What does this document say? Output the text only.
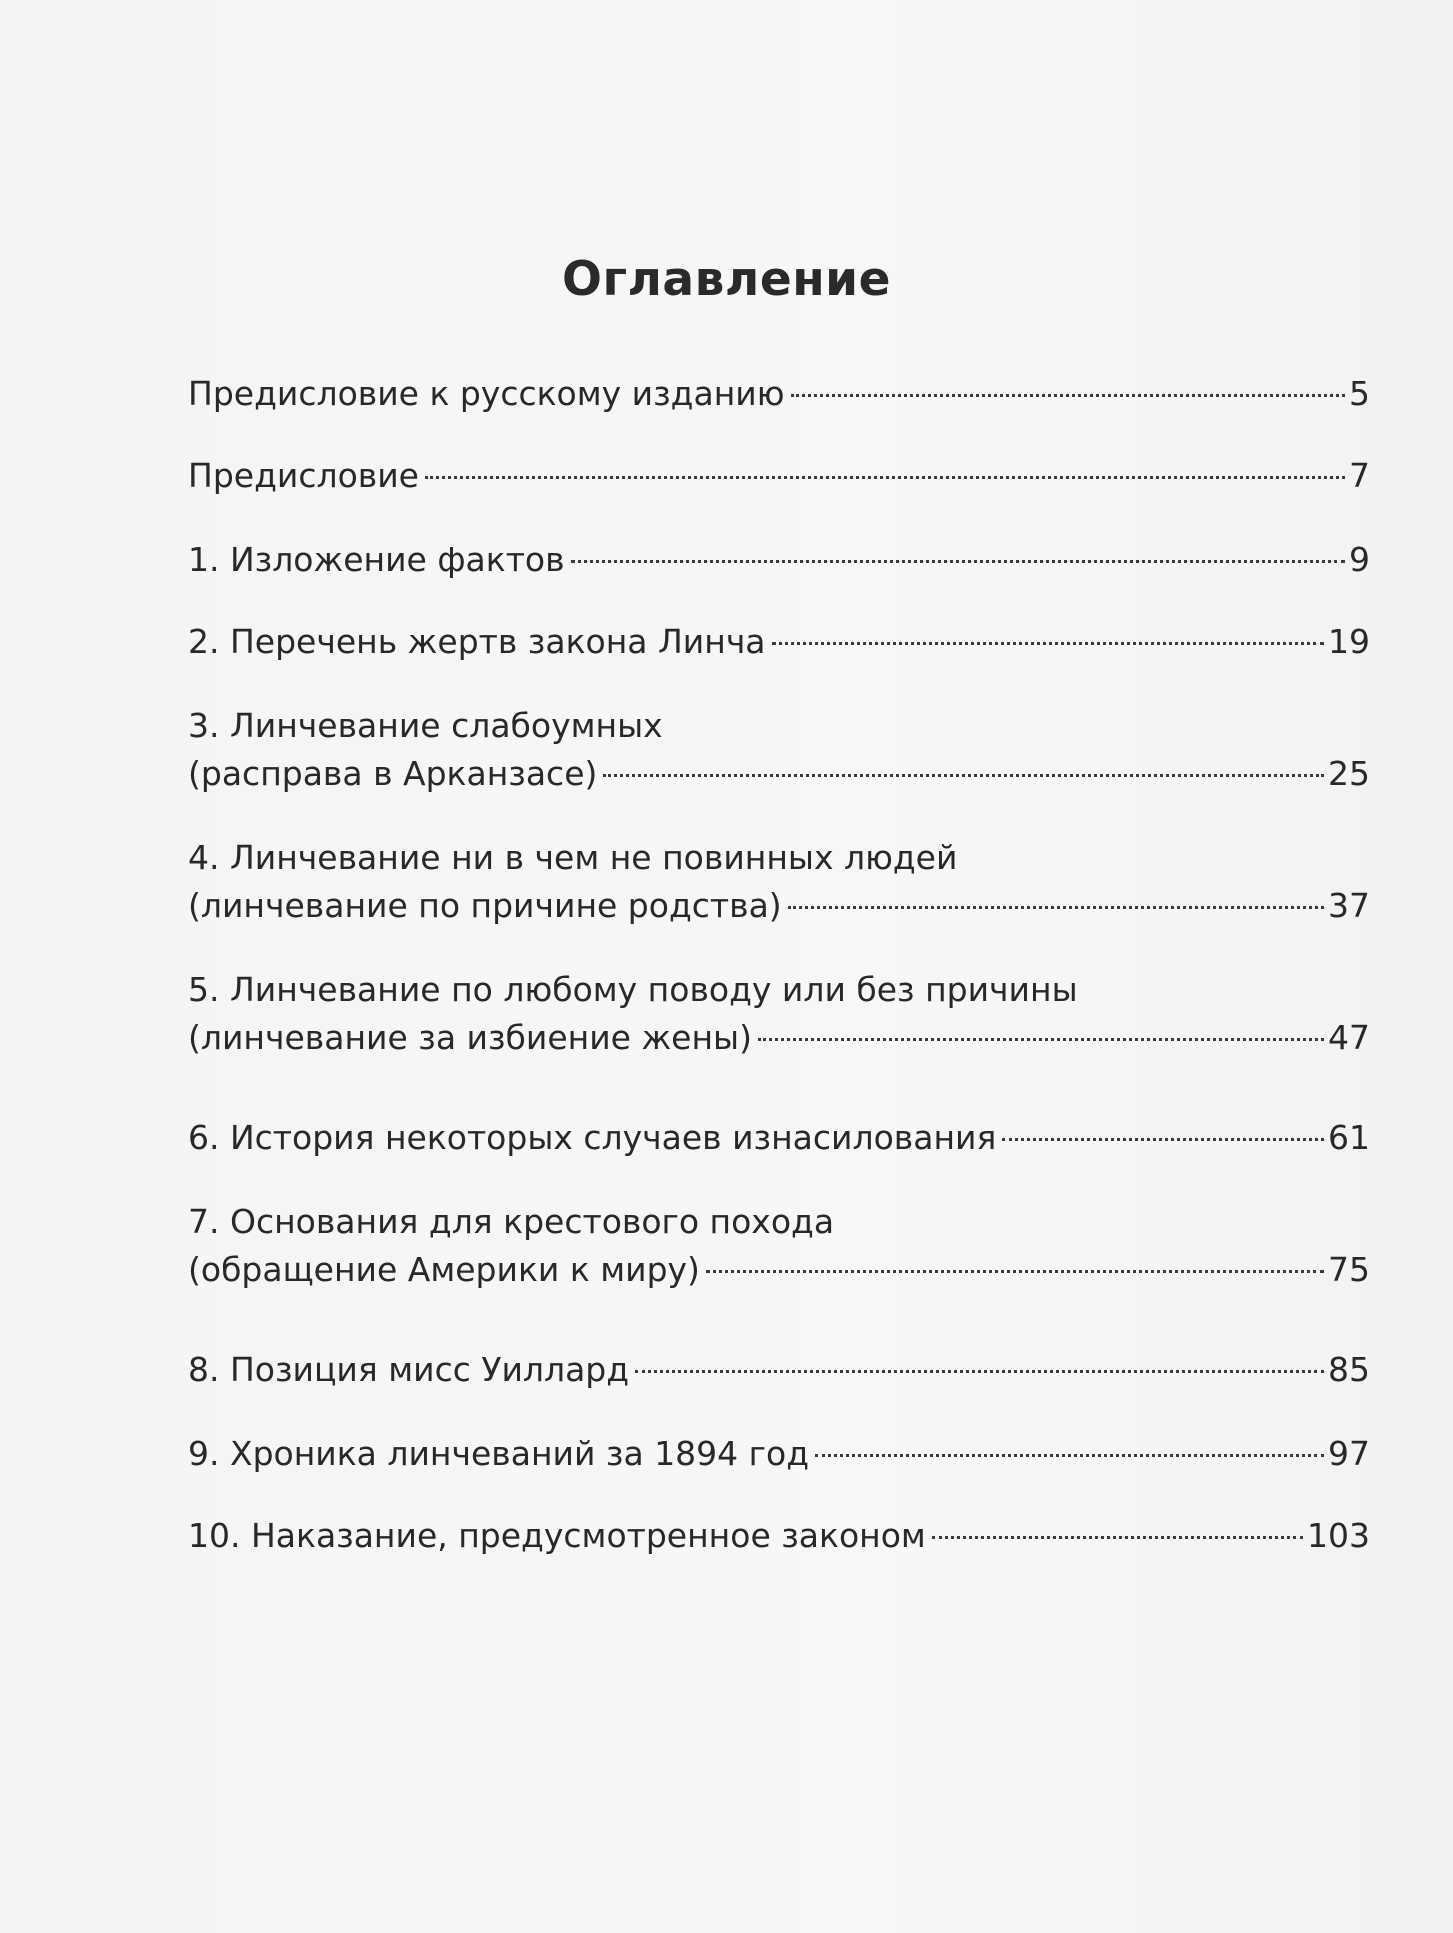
Оглавление
Предисловие к русскому изданию	5
Предисловие	7
1. Изложение фактов	9
2. Перечень жертв закона Линча	19
3. Линчевание слабоумных
(расправа в Арканзасе)	25
4. Линчевание ни в чем не повинных людей
(линчевание по причине родства)	37
5. Линчевание по любому поводу или без причины
(линчевание за избиение жены)	47
6. История некоторых случаев изнасилования	61
7. Основания для крестового похода
(обращение Америки к миру)	75
8. Позиция мисс Уиллард	85
9. Хроника линчеваний за 1894 год	97
10. Наказание, предусмотренное законом	103
